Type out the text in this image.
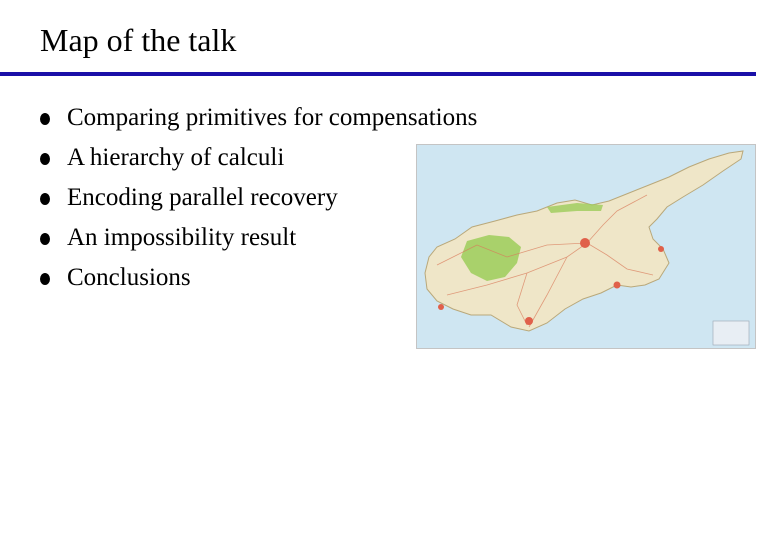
Map of the talk
Comparing primitives for compensations
A hierarchy of calculi
Encoding parallel recovery
An impossibility result
Conclusions
